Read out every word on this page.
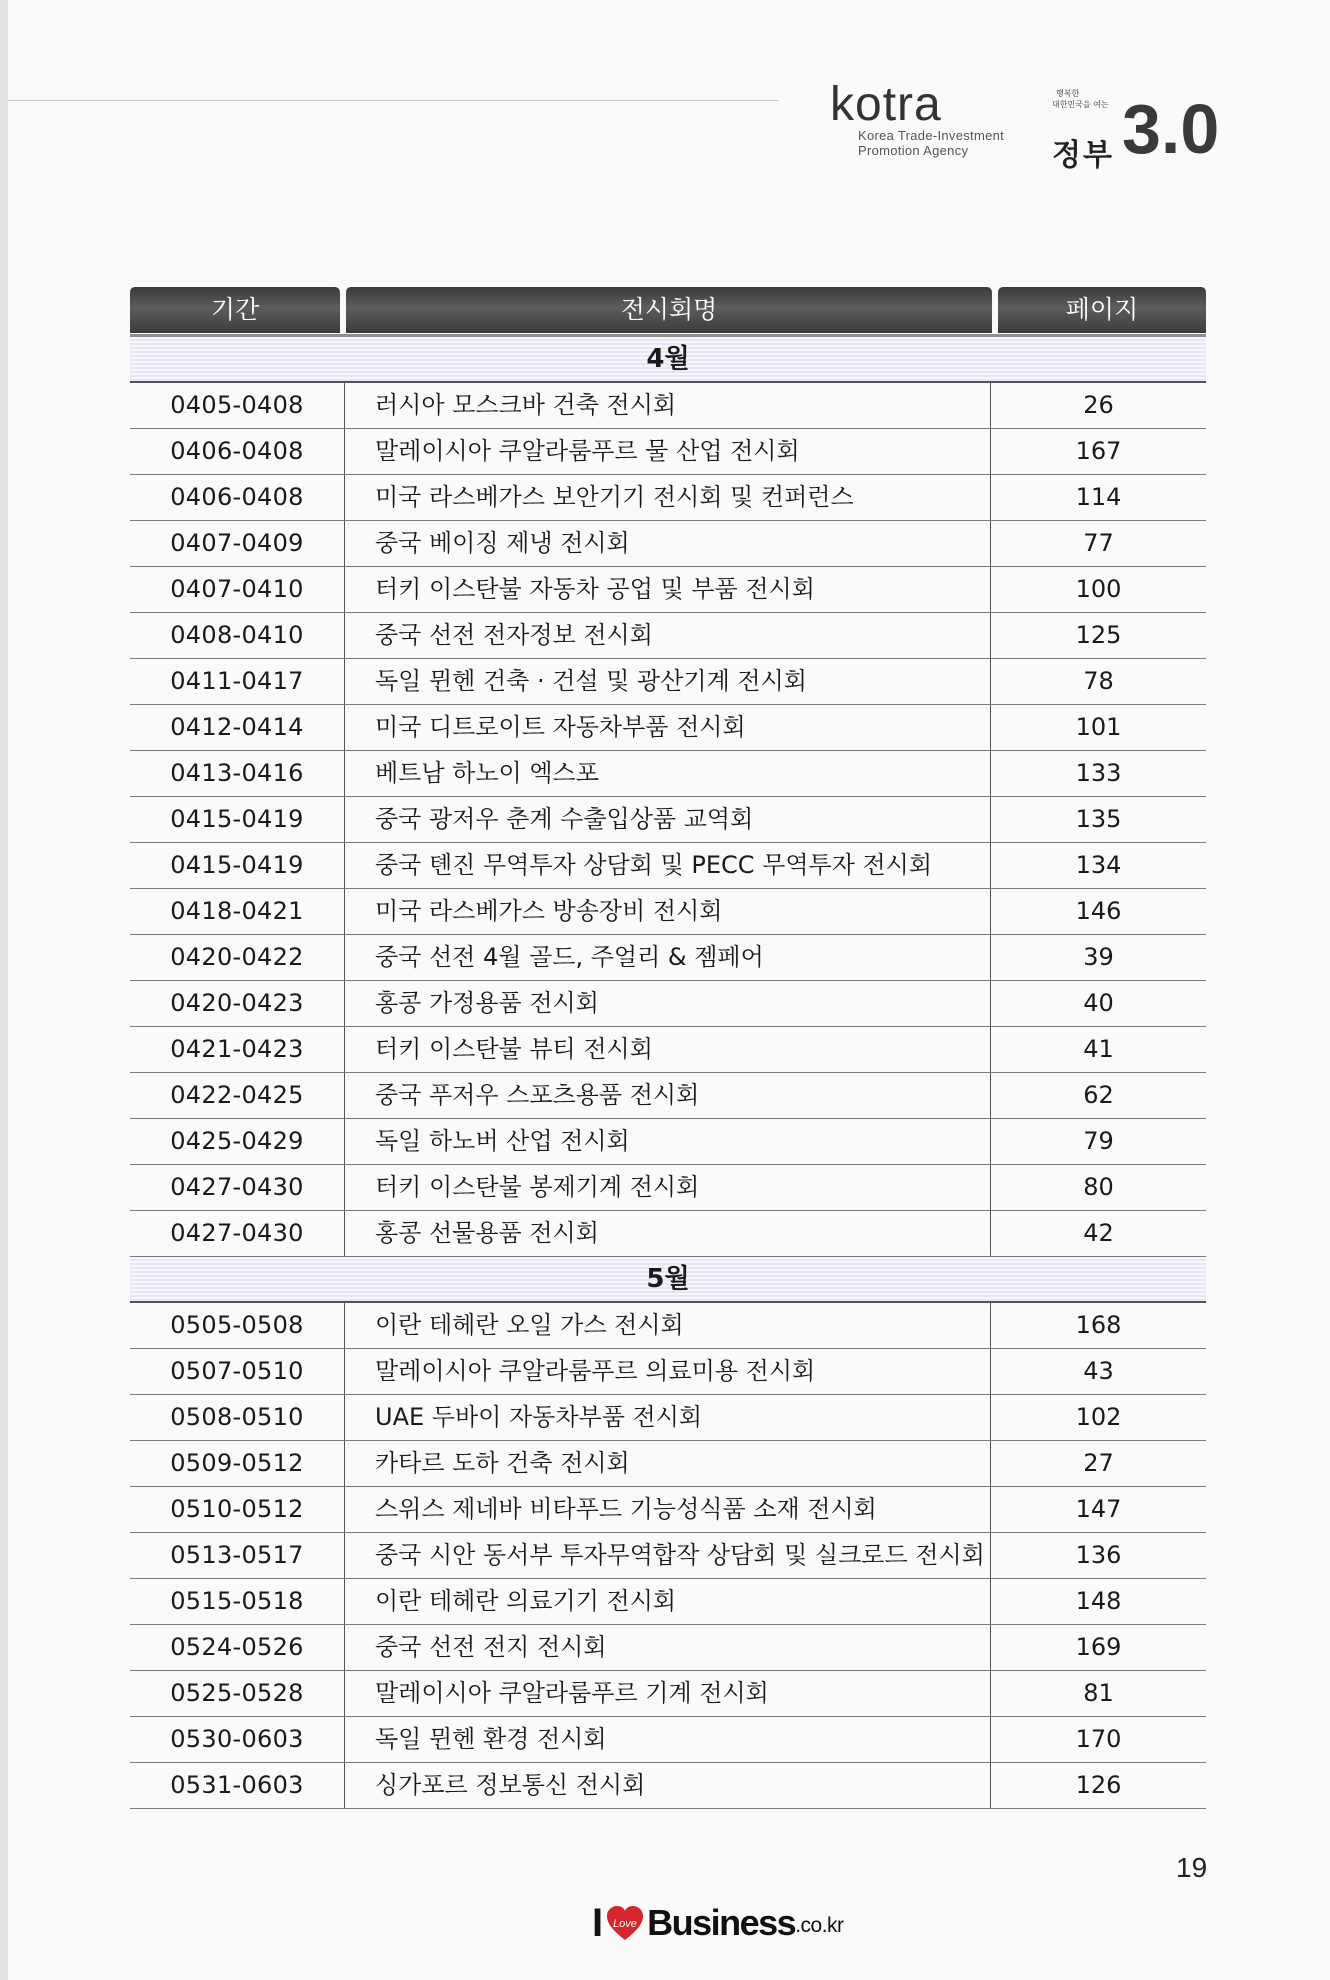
kotra
Korea Trade-Investment
Promotion Agency
행복한
대한민국을 여는
정부 3.0
기간	전시회명	페이지
4월
0405-0408	러시아 모스크바 건축 전시회	26
0406-0408	말레이시아 쿠알라룸푸르 물 산업 전시회	167
0406-0408	미국 라스베가스 보안기기 전시회 및 컨퍼런스	114
0407-0409	중국 베이징 제냉 전시회	77
0407-0410	터키 이스탄불 자동차 공업 및 부품 전시회	100
0408-0410	중국 선전 전자정보 전시회	125
0411-0417	독일 뮌헨 건축 · 건설 및 광산기계 전시회	78
0412-0414	미국 디트로이트 자동차부품 전시회	101
0413-0416	베트남 하노이 엑스포	133
0415-0419	중국 광저우 춘계 수출입상품 교역회	135
0415-0419	중국 톈진 무역투자 상담회 및 PECC 무역투자 전시회	134
0418-0421	미국 라스베가스 방송장비 전시회	146
0420-0422	중국 선전 4월 골드, 주얼리 & 젬페어	39
0420-0423	홍콩 가정용품 전시회	40
0421-0423	터키 이스탄불 뷰티 전시회	41
0422-0425	중국 푸저우 스포츠용품 전시회	62
0425-0429	독일 하노버 산업 전시회	79
0427-0430	터키 이스탄불 봉제기계 전시회	80
0427-0430	홍콩 선물용품 전시회	42
5월
0505-0508	이란 테헤란 오일 가스 전시회	168
0507-0510	말레이시아 쿠알라룸푸르 의료미용 전시회	43
0508-0510	UAE 두바이 자동차부품 전시회	102
0509-0512	카타르 도하 건축 전시회	27
0510-0512	스위스 제네바 비타푸드 기능성식품 소재 전시회	147
0513-0517	중국 시안 동서부 투자무역합작 상담회 및 실크로드 전시회	136
0515-0518	이란 테헤란 의료기기 전시회	148
0524-0526	중국 선전 전지 전시회	169
0525-0528	말레이시아 쿠알라룸푸르 기계 전시회	81
0530-0603	독일 뮌헨 환경 전시회	170
0531-0603	싱가포르 정보통신 전시회	126
19
I Love Business .co.kr
